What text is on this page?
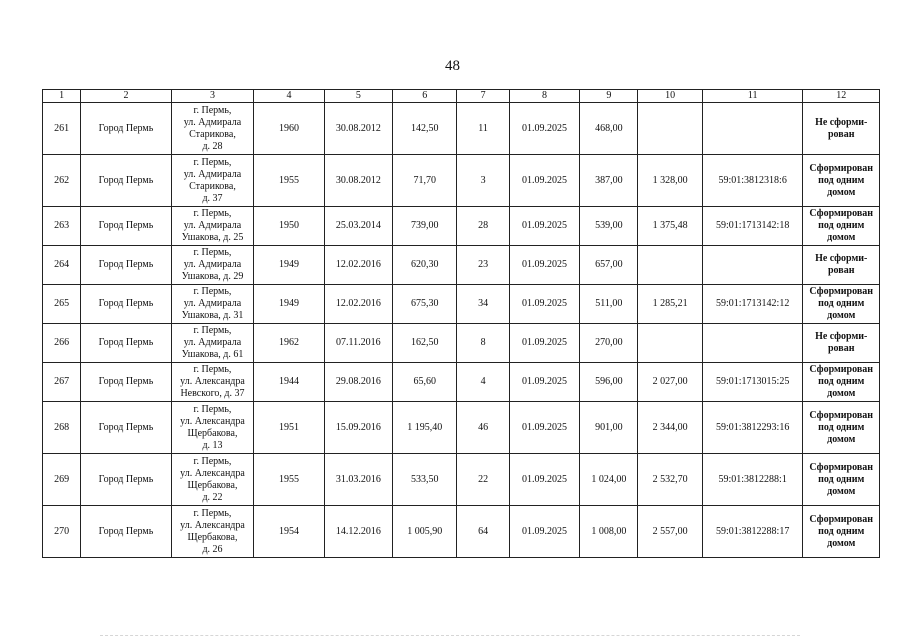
48
1	2	3	4	5	6	7	8	9	10	11	12
261	Город Пермь	г. Пермь,
ул. Адмирала
Старикова,
д. 28	1960	30.08.2012	142,50	11	01.09.2025	468,00			Не сформи-
рован
262	Город Пермь	г. Пермь,
ул. Адмирала
Старикова,
д. 37	1955	30.08.2012	71,70	3	01.09.2025	387,00	1 328,00	59:01:3812318:6	Сформирован
под одним
домом
263	Город Пермь	г. Пермь,
ул. Адмирала
Ушакова, д. 25	1950	25.03.2014	739,00	28	01.09.2025	539,00	1 375,48	59:01:1713142:18	Сформирован
под одним
домом
264	Город Пермь	г. Пермь,
ул. Адмирала
Ушакова, д. 29	1949	12.02.2016	620,30	23	01.09.2025	657,00			Не сформи-
рован
265	Город Пермь	г. Пермь,
ул. Адмирала
Ушакова, д. 31	1949	12.02.2016	675,30	34	01.09.2025	511,00	1 285,21	59:01:1713142:12	Сформирован
под одним
домом
266	Город Пермь	г. Пермь,
ул. Адмирала
Ушакова, д. 61	1962	07.11.2016	162,50	8	01.09.2025	270,00			Не сформи-
рован
267	Город Пермь	г. Пермь,
ул. Александра
Невского, д. 37	1944	29.08.2016	65,60	4	01.09.2025	596,00	2 027,00	59:01:1713015:25	Сформирован
под одним
домом
268	Город Пермь	г. Пермь,
ул. Александра
Щербакова,
д. 13	1951	15.09.2016	1 195,40	46	01.09.2025	901,00	2 344,00	59:01:3812293:16	Сформирован
под одним
домом
269	Город Пермь	г. Пермь,
ул. Александра
Щербакова,
д. 22	1955	31.03.2016	533,50	22	01.09.2025	1 024,00	2 532,70	59:01:3812288:1	Сформирован
под одним
домом
270	Город Пермь	г. Пермь,
ул. Александра
Щербакова,
д. 26	1954	14.12.2016	1 005,90	64	01.09.2025	1 008,00	2 557,00	59:01:3812288:17	Сформирован
под одним
домом
